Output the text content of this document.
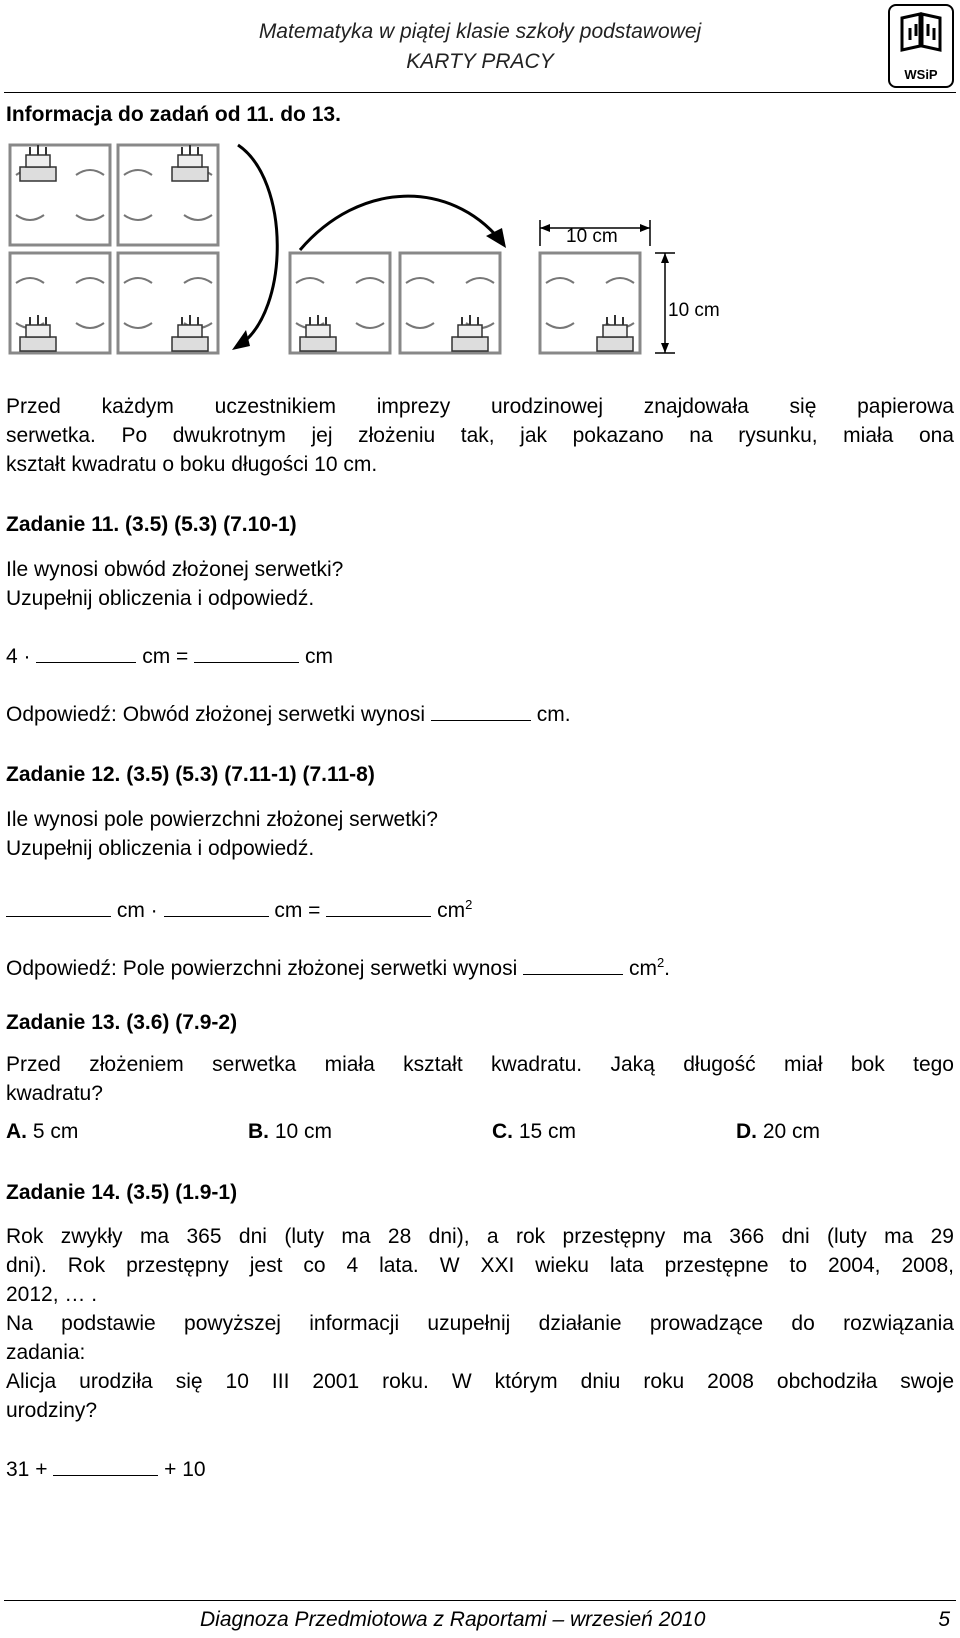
Matematyka w piątej klasie szkoły podstawowej
KARTY PRACY
WSiP
Informacja do zadań od 11. do 13.
10 cm
10 cm
Przed każdym uczestnikiem imprezy urodzinowej znajdowała się papierowa
serwetka. Po dwukrotnym jej złożeniu tak, jak pokazano na rysunku, miała ona
kształt kwadratu o boku długości 10 cm.
Zadanie 11. (3.5) (5.3) (7.10-1)
Ile wynosi obwód złożonej serwetki?
Uzupełnij obliczenia i odpowiedź.
4 ·	cm =	cm
Odpowiedź: Obwód złożonej serwetki wynosi	cm.
Zadanie 12. (3.5) (5.3) (7.11-1) (7.11-8)
Ile wynosi pole powierzchni złożonej serwetki?
Uzupełnij obliczenia i odpowiedź.
cm ·	cm =	$cm^2$
Odpowiedź: Pole powierzchni złożonej serwetki wynosi	$cm^2$.
Zadanie 13. (3.6) (7.9-2)
Przed złożeniem serwetka miała kształt kwadratu. Jaką długość miał bok tego
kwadratu?
A. 5 cm	B. 10 cm	C. 15 cm	D. 20 cm
Zadanie 14. (3.5) (1.9-1)
Rok zwykły ma 365 dni (luty ma 28 dni), a rok przestępny ma 366 dni (luty ma 29
dni). Rok przestępny jest co 4 lata. W XXI wieku lata przestępne to 2004, 2008,
2012, … .
Na podstawie powyższej informacji uzupełnij działanie prowadzące do rozwiązania
zadania:
Alicja urodziła się 10 III 2001 roku. W którym dniu roku 2008 obchodziła swoje
urodziny?
31 +	+ 10
Diagnoza Przedmiotowa z Raportami – wrzesień 2010	5
